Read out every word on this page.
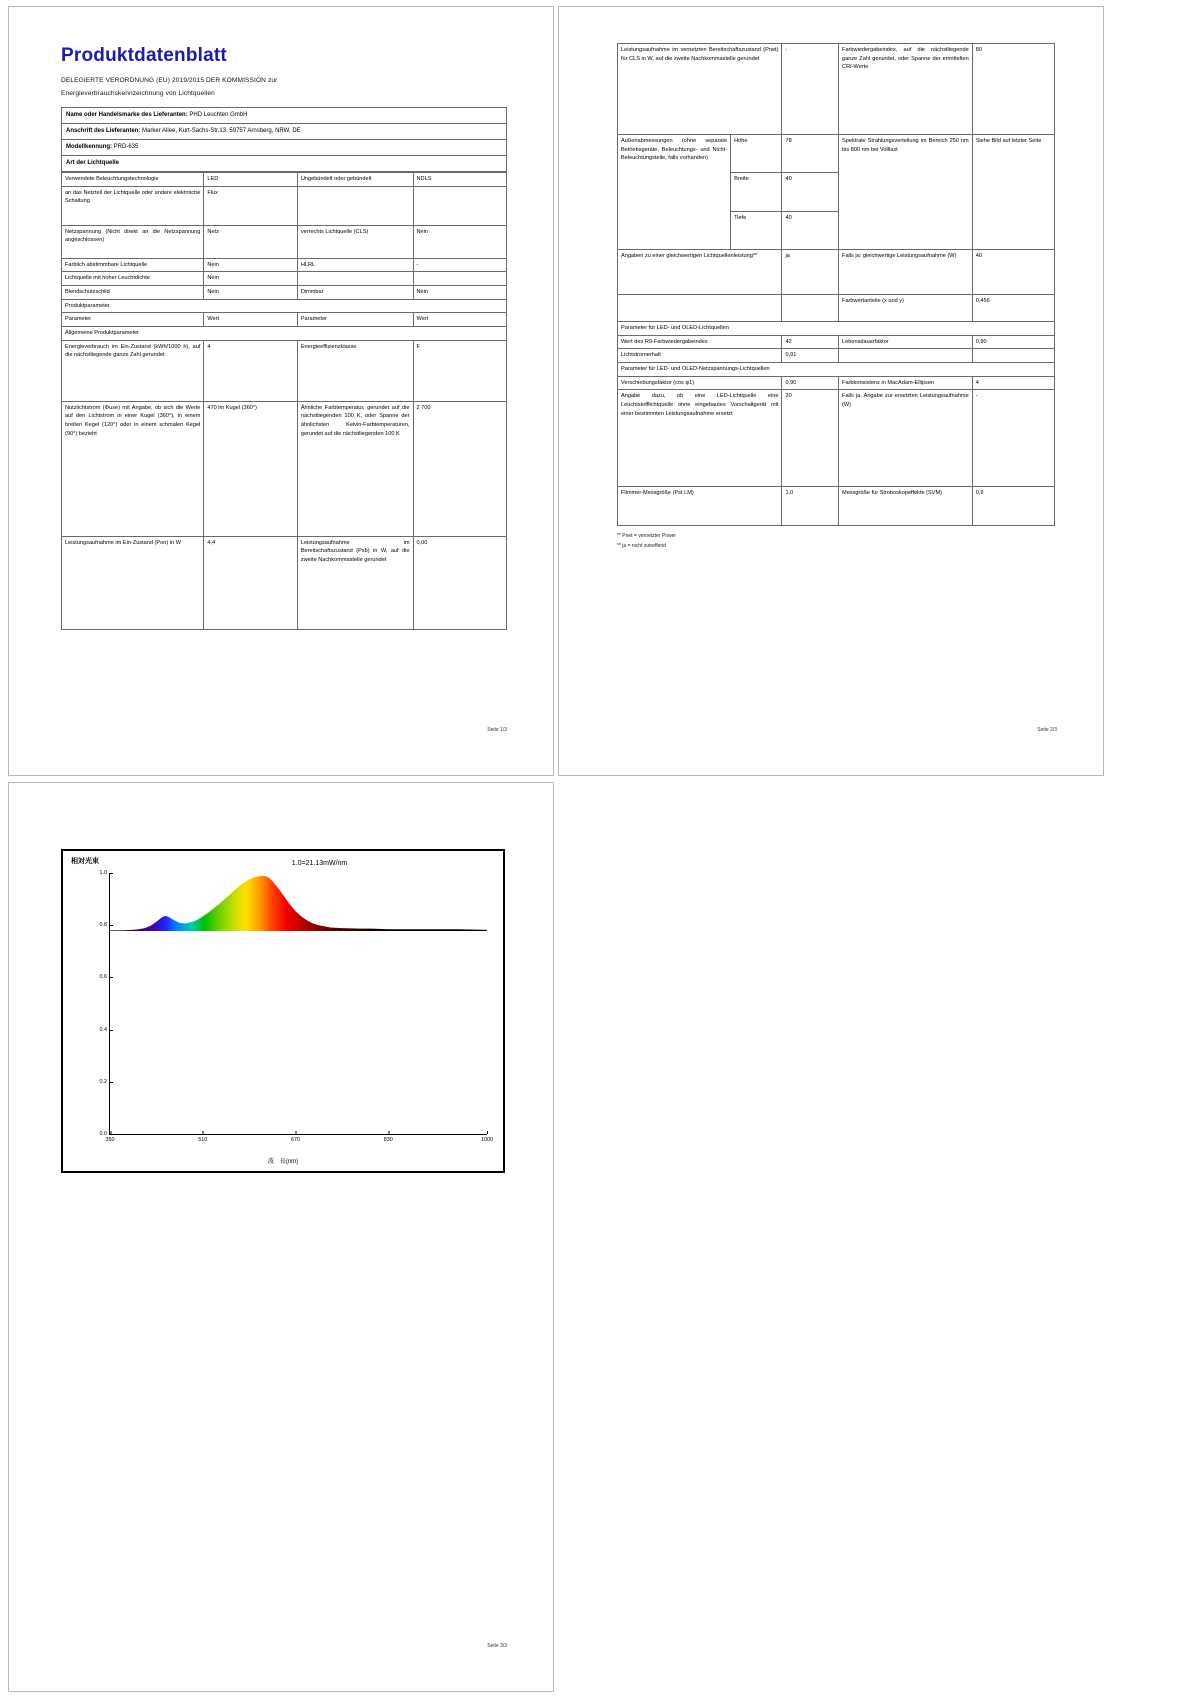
Produktdatenblatt
DELEGIERTE VERORDNUNG (EU) 2019/2015 DER KOMMISSION zur
Energieverbrauchskennzeichnung von Lichtquellen
Name oder Handelsmarke des Lieferanten: PHD Leuchten GmbH
Anschrift des Lieferanten: Marker Allee, Kurt-Sachs-Str.13, 59757 Arnsberg, NRW, DE
Modellkennung: PRD-635
Art der Lichtquelle
Verwendete Beleuchtungstechnologie	LED	Ungebündelt oder gebündelt	NDLS
an das Netzteil der Lichtquelle oder andere elektrische Schaltung	Flux		
Netzspannung (Nicht direkt an die Netzspannung angeschlossen)	Netz	verrechts Lichtquelle (CLS)	Nein
Farblich abstimmbare Lichtquelle	Nein	HLRL	-
Lichtquelle mit hoher Leuchtdichte	Nein		
Blendschutzschild	Nein	Dimmbar	Nein
Produktparameter			
Parameter	Wert	Parameter	Wert
Allgemeine Produktparameter			
Energieverbrauch im Ein-Zustand (kWh/1000 h), auf die nächstliegende ganze Zahl gerundet	4	Energieeffizienzklasse	F
Nutzlichtstrom (Φuse) mit Angabe, ob sich die Werte auf den Lichtstrom in einer Kugel (360°), in einem breiten Kegel (120°) oder in einem schmalen Kegel (90°) bezieht	470 lm Kugel (360°)	Ähnliche Farbtemperatur, gerundet auf die nächstliegenden 100 K, oder Spanne der ähnlichsten Kelvin-Farbtemperaturen, gerundet auf die nächstliegenden 100 K	2 700
Leistungsaufnahme im Ein-Zustand (Pon) in W	4,4	Leistungsaufnahme im Bereitschaftszustand (Psb) in W, auf die zweite Nachkommastelle gerundet	0,00
Seite 1/3
Leistungsaufnahme im vernetzten Bereitschaftszustand (Pnet) für CLS in W, auf die zweite Nachkommastelle gerundet		-	Farbwiedergabeindex, auf die nächstliegende ganze Zahl gerundet, oder Spanne der ermittelten CRI-Werte	80
Außenabmessungen (ohne separate Betriebsgeräte, Beleuchtungs- und Nicht-Beleuchtungsteile, falls vorhanden)	Höhe	78	Spektrale Strahlungsverteilung im Bereich 250 nm bis 800 nm bei Volllast	Siehe Bild auf letzter Seite
	Breite	40		
	Tiefe	40		
Angaben zu einer gleichwertigen Lichtquellenleistung**		ja	Falls ja: gleichwertige Leistungsaufnahme (W)	40
			Farbwertanteile (x und y)	0,456
Parameter für LED- und OLED-Lichtquellen				
Wert des R9-Farbwiedergabeindex		42	Lebensdauerfaktor	0,90
Lichtstromerhalt		0,91		
Parameter für LED- und OLED-Netzspannungs-Lichtquellen				
Verschiebungsfaktor (cos φ1)		0,90	Farbkonsistenz in MacAdam-Ellipsen	4
Angabe dazu, ob eine LED-Lichtquelle eine Leuchtstofflichtquelle ohne eingebautes Vorschaltgerät mit einer bestimmten Leistungsaufnahme ersetzt		20	Falls ja, Angabe zur ersetzten Leistungsaufnahme (W)	-
Flimmer-Messgröße (Pst LM)		1,0	Messgröße für Stroboskopeffekte (SVM)	0,9
** Pnet = vernetzter Power
** ja = nicht zutreffend
Seite 2/3
相対光束	1.0=21.13mW/nm
0.0
0.2
0.4
0.6
0.8
1.0
350	510	670	830	1000
波　長(nm)
Seite 3/3
